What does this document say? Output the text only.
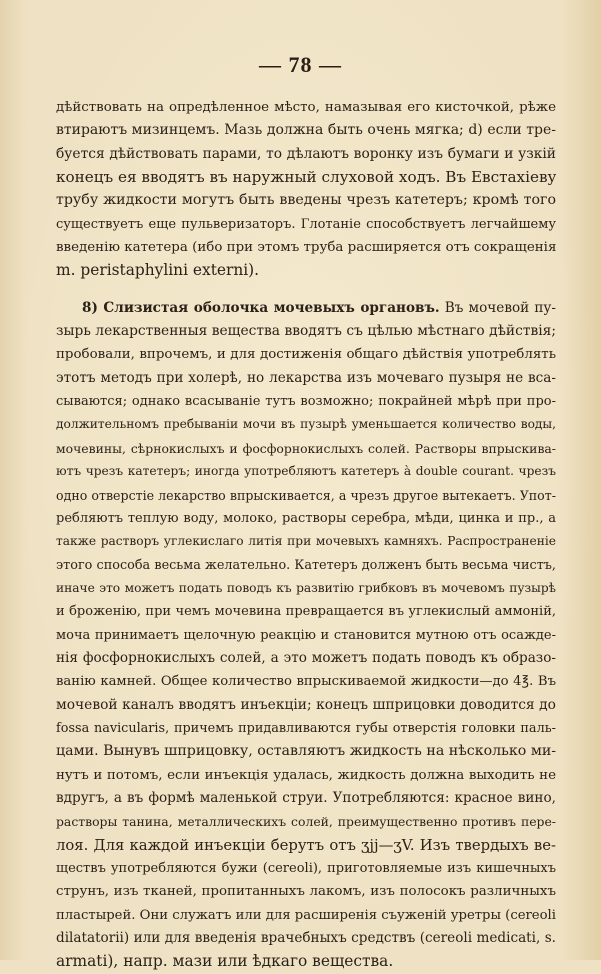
— 78 —
дѣйствовать на опредѣленное мѣсто, намазывая его кисточкой, рѣже
втираютъ мизинцемъ. Мазь должна быть очень мягка; d) если тре-
буется дѣйствовать парами, то дѣлаютъ воронку изъ бумаги и узкій
конецъ ея вводятъ въ наружный слуховой ходъ. Въ Евстахіеву
трубу жидкости могутъ быть введены чрезъ катетеръ; кромѣ того
существуетъ еще пульверизаторъ. Глотаніе способствуетъ легчайшему
введенію катетера (ибо при этомъ труба расширяется отъ сокращенія
m. peristaphylini externi).
8) Слизистая оболочка мочевыхъ органовъ. Въ мочевой пу-
зырь лекарственныя вещества вводятъ съ цѣлью мѣстнаго дѣйствія;
пробовали, впрочемъ, и для достиженія общаго дѣйствія употреблять
этотъ методъ при холерѣ, но лекарства изъ мочеваго пузыря не вса-
сываются; однако всасываніе тутъ возможно; покрайней мѣрѣ при про-
должительномъ пребываніи мочи въ пузырѣ уменьшается количество воды,
мочевины, сѣрнокислыхъ и фосфорнокислыхъ солей. Растворы впрыскива-
ютъ чрезъ катетеръ; иногда употребляютъ катетеръ à double courant. чрезъ
одно отверстіе лекарство впрыскивается, а чрезъ другое вытекаетъ. Упот-
ребляютъ теплую воду, молоко, растворы серебра, мѣди, цинка и пр., а
также растворъ углекислаго литія при мочевыхъ камняхъ. Распространеніе
этого способа весьма желательно. Катетеръ долженъ быть весьма чистъ,
иначе это можетъ подать поводъ къ развитію грибковъ въ мочевомъ пузырѣ
и броженію, при чемъ мочевина превращается въ углекислый аммоній,
моча принимаетъ щелочную реакцію и становится мутною отъ осажде-
нія фосфорнокислыхъ солей, а это можетъ подать поводъ къ образо-
ванію камней. Общее количество впрыскиваемой жидкости—до 4℥. Въ
мочевой каналъ вводятъ инъекціи; конецъ шприцовки доводится до
fossa navicularis, причемъ придавливаются губы отверстія головки паль-
цами. Вынувъ шприцовку, оставляютъ жидкость на нѣсколько ми-
нутъ и потомъ, если инъекція удалась, жидкость должна выходить не
вдругъ, а въ формѣ маленькой струи. Употребляются: красное вино,
растворы танина, металлическихъ солей, преимущественно противъ пере-
лоя. Для каждой инъекціи берутъ отъ ʒjj—ʒV. Изъ твердыхъ ве-
ществъ употребляются бужи (cereoli), приготовляемые изъ кишечныхъ
струнъ, изъ тканей, пропитанныхъ лакомъ, изъ полосокъ различныхъ
пластырей. Они служатъ или для расширенія съуженій уретры (cereoli
dilatatorii) или для введенія врачебныхъ средствъ (cereoli medicati, s.
armati), напр. мази или ѣдкаго вещества.
